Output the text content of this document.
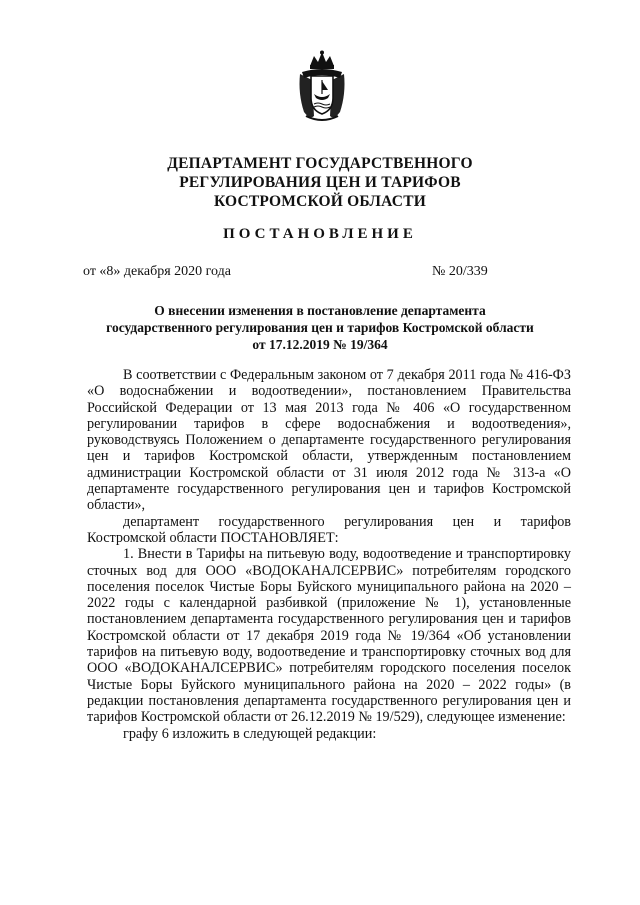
ДЕПАРТАМЕНТ ГОСУДАРСТВЕННОГО
РЕГУЛИРОВАНИЯ ЦЕН И ТАРИФОВ
КОСТРОМСКОЙ ОБЛАСТИ
ПОСТАНОВЛЕНИЕ
от «8» декабря 2020 года	№ 20/339
О внесении изменения в постановление департамента
государственного регулирования цен и тарифов Костромской области
от 17.12.2019 № 19/364

В соответствии с Федеральным законом от 7 декабря 2011 года № 416-ФЗ «О водоснабжении и водоотведении», постановлением Правительства Российской Федерации от 13 мая 2013 года № 406 «О государственном регулировании тарифов в сфере водоснабжения и водоотведения», руководствуясь Положением о департаменте государственного регулирования цен и тарифов Костромской области, утвержденным постановлением администрации Костромской области от 31 июля 2012 года № 313-а «О департаменте государственного регулирования цен и тарифов Костромской области»,

департамент государственного регулирования цен и тарифов Костромской области ПОСТАНОВЛЯЕТ:

1. Внести в Тарифы на питьевую воду, водоотведение и транспортировку сточных вод для ООО «ВОДОКАНАЛСЕРВИС» потребителям городского поселения поселок Чистые Боры Буйского муниципального района на 2020 – 2022 годы с календарной разбивкой (приложение № 1), установленные постановлением департамента государственного регулирования цен и тарифов Костромской области от 17 декабря 2019 года № 19/364 «Об установлении тарифов на питьевую воду, водоотведение и транспортировку сточных вод для ООО «ВОДОКАНАЛСЕРВИС» потребителям городского поселения поселок Чистые Боры Буйского муниципального района на 2020 – 2022 годы» (в редакции постановления департамента государственного регулирования цен и тарифов Костромской области от 26.12.2019 № 19/529), следующее изменение:

графу 6 изложить в следующей редакции:
